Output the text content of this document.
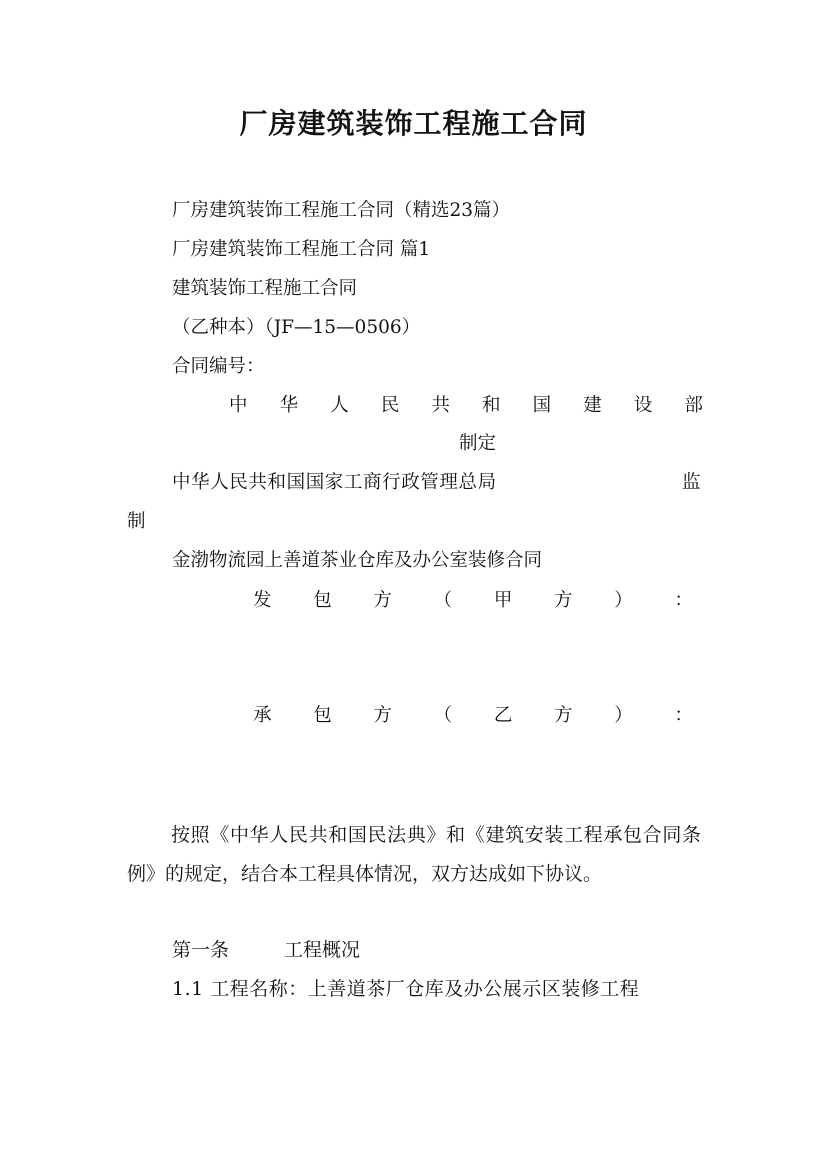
厂房建筑装饰工程施工合同
厂房建筑装饰工程施工合同（精选23篇）
厂房建筑装饰工程施工合同 篇1
建筑装饰工程施工合同
（乙种本）（JF—15—0506）
合同编号：
中 华 人 民 共 和 国 建 设 部
制定
中华人民共和国国家工商行政管理总局	监
制
金渤物流园上善道茶业仓库及办公室装修合同
发 包 方 （ 甲 方 ） ：
承 包 方 （ 乙 方 ） ：
按照《中华人民共和国民法典》和《建筑安装工程承包合同条例》的规定，结合本工程具体情况，双方达成如下协议。
第一条	工程概况
1.1 工程名称：上善道茶厂仓库及办公展示区装修工程
